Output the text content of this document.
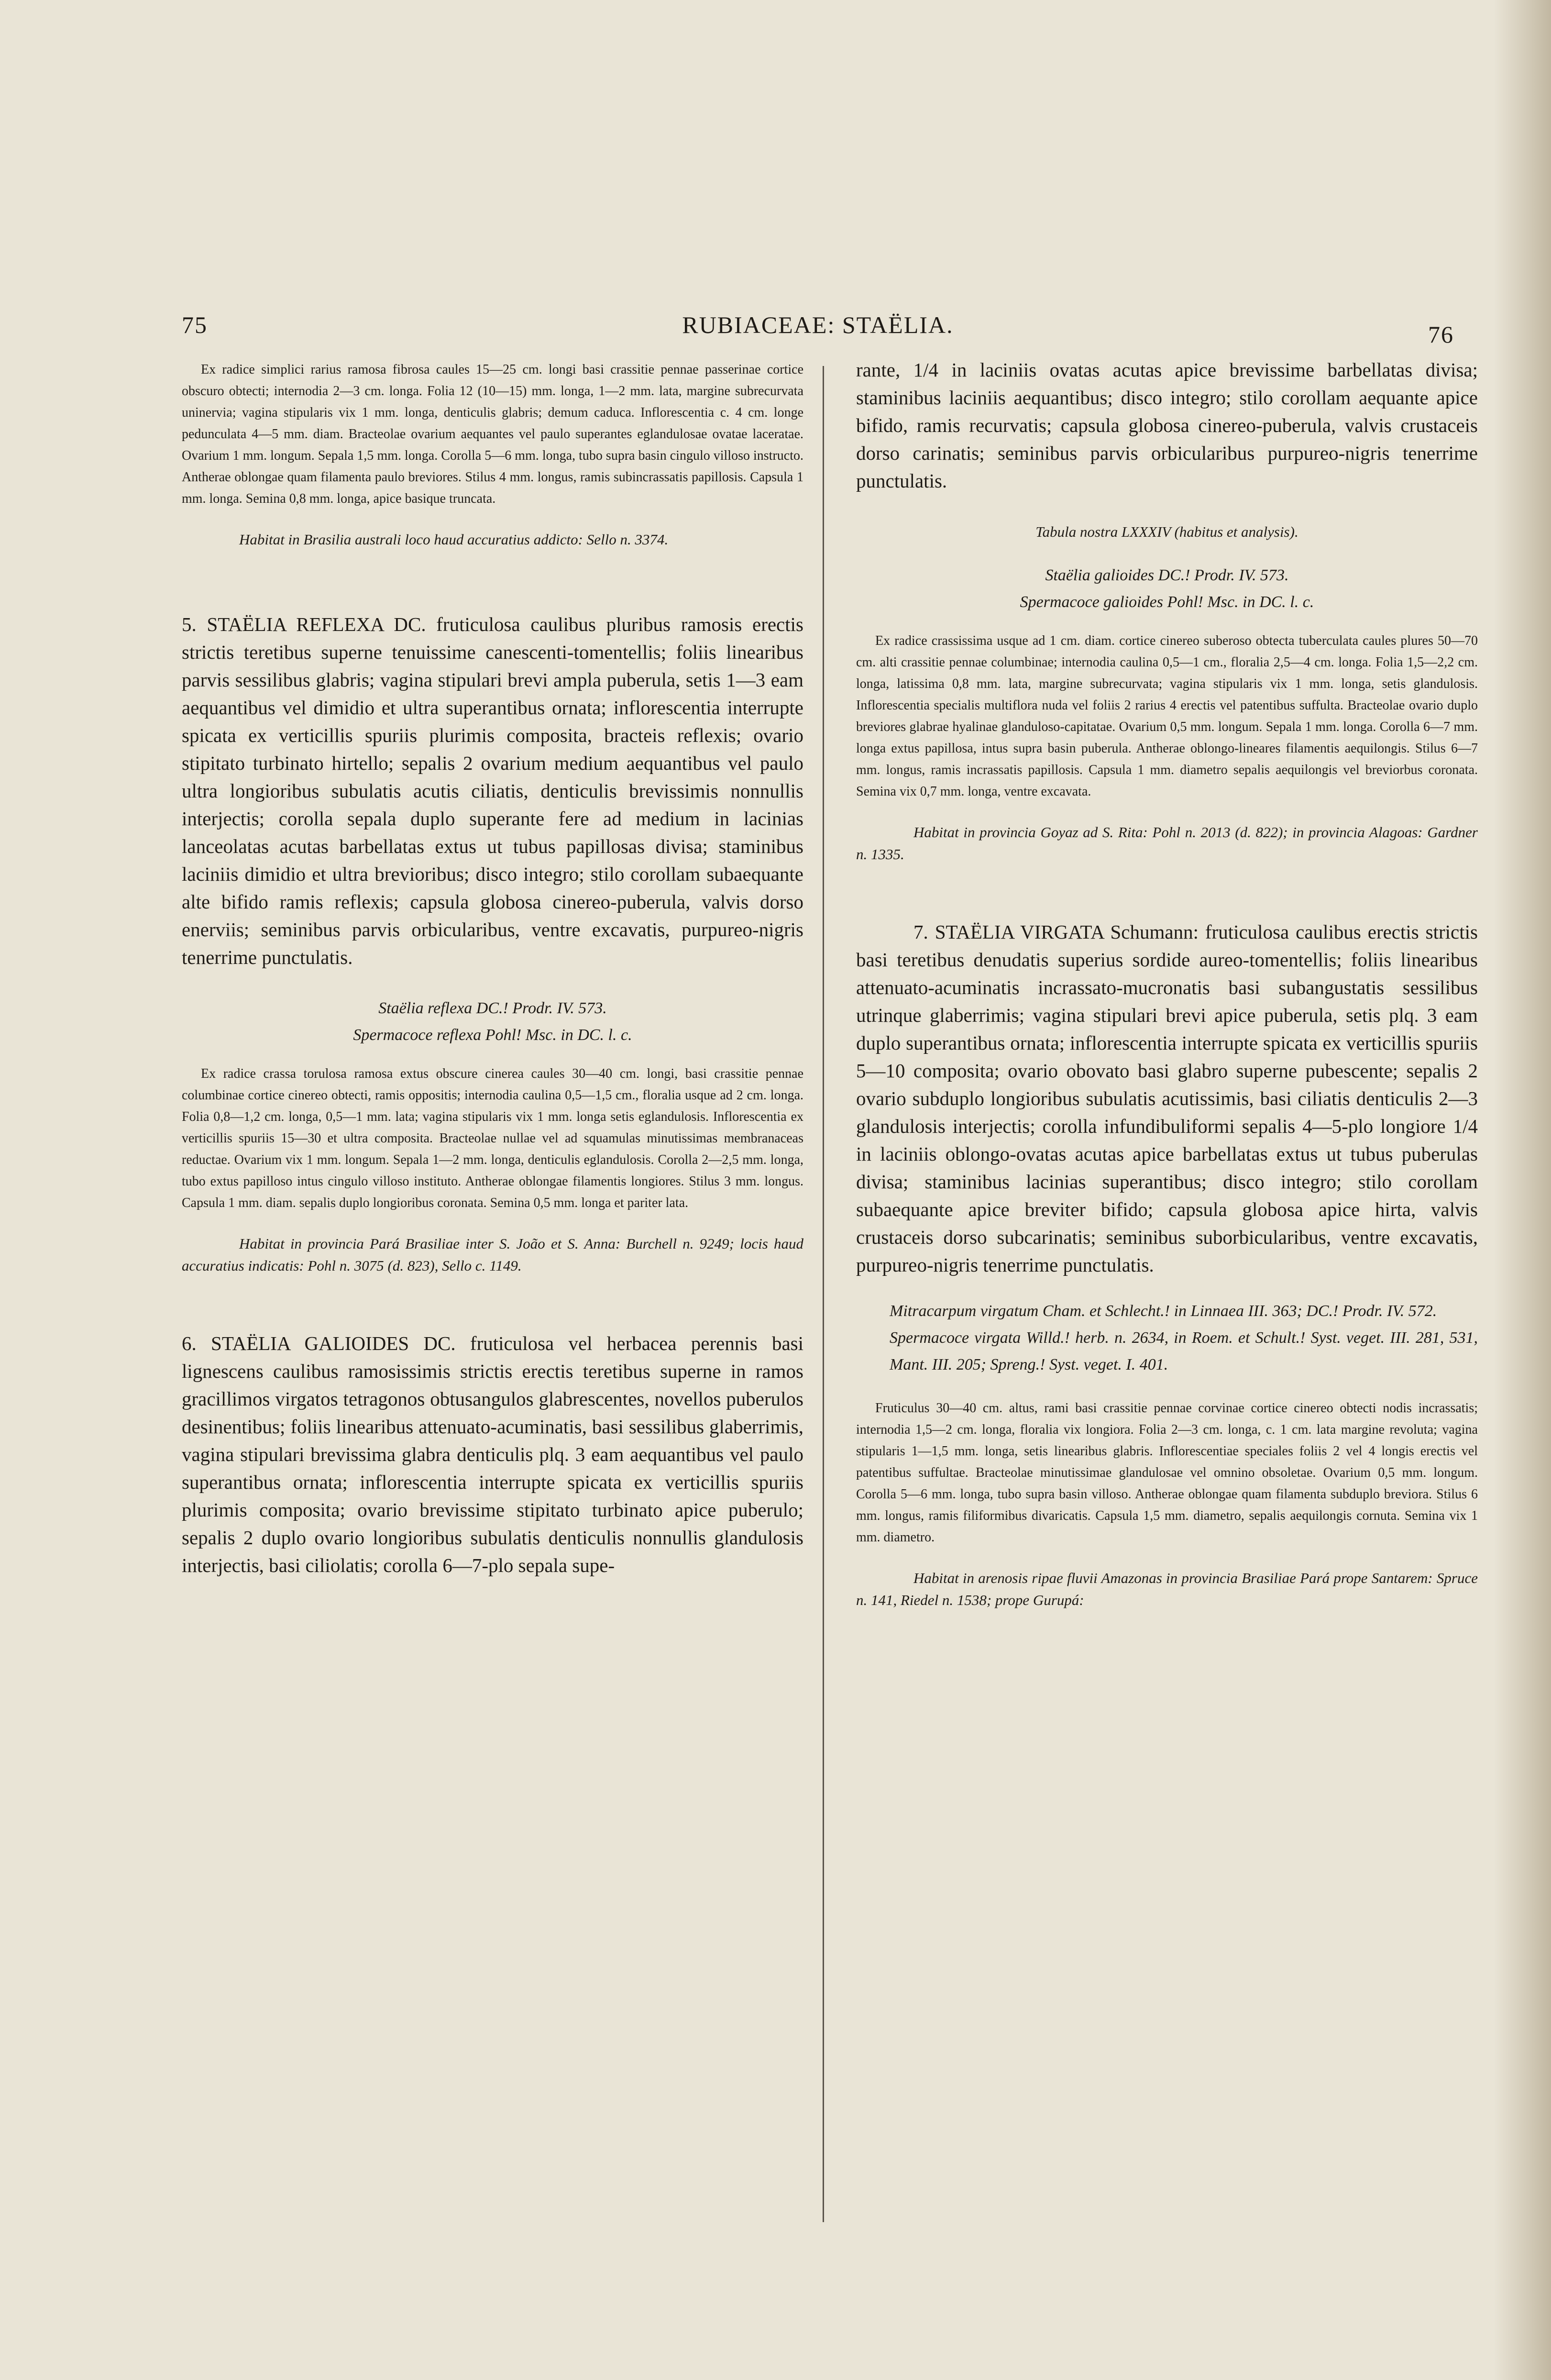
75	RUBIACEAE: STAËLIA.	76

Ex radice simplici rarius ramosa fibrosa caules 15—25 cm. longi basi crassitie pennae passerinae cortice obscuro obtecti; internodia 2—3 cm. longa. Folia 12 (10—15) mm. longa, 1—2 mm. lata, margine subrecurvata uninervia; vagina stipularis vix 1 mm. longa, denticulis glabris; demum caduca. Inflorescentia c. 4 cm. longe pedunculata 4—5 mm. diam. Bracteolae ovarium aequantes vel paulo superantes eglandulosae ovatae laceratae. Ovarium 1 mm. longum. Sepala 1,5 mm. longa. Corolla 5—6 mm. longa, tubo supra basin cingulo villoso instructo. Antherae oblongae quam filamenta paulo breviores. Stilus 4 mm. longus, ramis subincrassatis papillosis. Capsula 1 mm. longa. Semina 0,8 mm. longa, apice basique truncata.

Habitat in Brasilia australi loco haud accuratius addicto: Sello n. 3374.

5. STAËLIA REFLEXA DC. fruticulosa caulibus pluribus ramosis erectis strictis teretibus superne tenuissime canescenti-tomentellis; foliis linearibus parvis sessilibus glabris; vagina stipulari brevi ampla puberula, setis 1—3 eam aequantibus vel dimidio et ultra superantibus ornata; inflorescentia interrupte spicata ex verticillis spuriis plurimis composita, bracteis reflexis; ovario stipitato turbinato hirtello; sepalis 2 ovarium medium aequantibus vel paulo ultra longioribus subulatis acutis ciliatis, denticulis brevissimis nonnullis interjectis; corolla sepala duplo superante fere ad medium in lacinias lanceolatas acutas barbellatas extus ut tubus papillosas divisa; staminibus laciniis dimidio et ultra brevioribus; disco integro; stilo corollam subaequante alte bifido ramis reflexis; capsula globosa cinereo-puberula, valvis dorso enerviis; seminibus parvis orbicularibus, ventre excavatis, purpureo-nigris tenerrime punctulatis.

Staëlia reflexa DC.! Prodr. IV. 573.

Spermacoce reflexa Pohl! Msc. in DC. l. c.

Ex radice crassa torulosa ramosa extus obscure cinerea caules 30—40 cm. longi, basi crassitie pennae columbinae cortice cinereo obtecti, ramis oppositis; internodia caulina 0,5—1,5 cm., floralia usque ad 2 cm. longa. Folia 0,8—1,2 cm. longa, 0,5—1 mm. lata; vagina stipularis vix 1 mm. longa setis eglandulosis. Inflorescentia ex verticillis spuriis 15—30 et ultra composita. Bracteolae nullae vel ad squamulas minutissimas membranaceas reductae. Ovarium vix 1 mm. longum. Sepala 1—2 mm. longa, denticulis eglandulosis. Corolla 2—2,5 mm. longa, tubo extus papilloso intus cingulo villoso instituto. Antherae oblongae filamentis longiores. Stilus 3 mm. longus. Capsula 1 mm. diam. sepalis duplo longioribus coronata. Semina 0,5 mm. longa et pariter lata.

Habitat in provincia Pará Brasiliae inter S. João et S. Anna: Burchell n. 9249; locis haud accuratius indicatis: Pohl n. 3075 (d. 823), Sello c. 1149.

6. STAËLIA GALIOIDES DC. fruticulosa vel herbacea perennis basi lignescens caulibus ramosissimis strictis erectis teretibus superne in ramos gracillimos virgatos tetragonos obtusangulos glabrescentes, novellos puberulos desinentibus; foliis linearibus attenuato-acuminatis, basi sessilibus glaberrimis, vagina stipulari brevissima glabra denticulis plq. 3 eam aequantibus vel paulo superantibus ornata; inflorescentia interrupte spicata ex verticillis spuriis plurimis composita; ovario brevissime stipitato turbinato apice puberulo; sepalis 2 duplo ovario longioribus subulatis denticulis nonnullis glandulosis interjectis, basi ciliolatis; corolla 6—7-plo sepala supe-

rante, 1/4 in laciniis ovatas acutas apice brevissime barbellatas divisa; staminibus laciniis aequantibus; disco integro; stilo corollam aequante apice bifido, ramis recurvatis; capsula globosa cinereo-puberula, valvis crustaceis dorso carinatis; seminibus parvis orbicularibus purpureo-nigris tenerrime punctulatis.

Tabula nostra LXXXIV (habitus et analysis).

Staëlia galioides DC.! Prodr. IV. 573.

Spermacoce galioides Pohl! Msc. in DC. l. c.

Ex radice crassissima usque ad 1 cm. diam. cortice cinereo suberoso obtecta tuberculata caules plures 50—70 cm. alti crassitie pennae columbinae; internodia caulina 0,5—1 cm., floralia 2,5—4 cm. longa. Folia 1,5—2,2 cm. longa, latissima 0,8 mm. lata, margine subrecurvata; vagina stipularis vix 1 mm. longa, setis glandulosis. Inflorescentia specialis multiflora nuda vel foliis 2 rarius 4 erectis vel patentibus suffulta. Bracteolae ovario duplo breviores glabrae hyalinae glanduloso-capitatae. Ovarium 0,5 mm. longum. Sepala 1 mm. longa. Corolla 6—7 mm. longa extus papillosa, intus supra basin puberula. Antherae oblongo-lineares filamentis aequilongis. Stilus 6—7 mm. longus, ramis incrassatis papillosis. Capsula 1 mm. diametro sepalis aequilongis vel breviorbus coronata. Semina vix 0,7 mm. longa, ventre excavata.

Habitat in provincia Goyaz ad S. Rita: Pohl n. 2013 (d. 822); in provincia Alagoas: Gardner n. 1335.

7. STAËLIA VIRGATA Schumann: fruticulosa caulibus erectis strictis basi teretibus denudatis superius sordide aureo-tomentellis; foliis linearibus attenuato-acuminatis incrassato-mucronatis basi subangustatis sessilibus utrinque glaberrimis; vagina stipulari brevi apice puberula, setis plq. 3 eam duplo superantibus ornata; inflorescentia interrupte spicata ex verticillis spuriis 5—10 composita; ovario obovato basi glabro superne pubescente; sepalis 2 ovario subduplo longioribus subulatis acutissimis, basi ciliatis denticulis 2—3 glandulosis interjectis; corolla infundibuliformi sepalis 4—5-plo longiore 1/4 in laciniis oblongo-ovatas acutas apice barbellatas extus ut tubus puberulas divisa; staminibus lacinias superantibus; disco integro; stilo corollam subaequante apice breviter bifido; capsula globosa apice hirta, valvis crustaceis dorso subcarinatis; seminibus suborbicularibus, ventre excavatis, purpureo-nigris tenerrime punctulatis.

Mitracarpum virgatum Cham. et Schlecht.! in Linnaea III. 363; DC.! Prodr. IV. 572.

Spermacoce virgata Willd.! herb. n. 2634, in Roem. et Schult.! Syst. veget. III. 281, 531, Mant. III. 205; Spreng.! Syst. veget. I. 401.

Fruticulus 30—40 cm. altus, rami basi crassitie pennae corvinae cortice cinereo obtecti nodis incrassatis; internodia 1,5—2 cm. longa, floralia vix longiora. Folia 2—3 cm. longa, c. 1 cm. lata margine revoluta; vagina stipularis 1—1,5 mm. longa, setis linearibus glabris. Inflorescentiae speciales foliis 2 vel 4 longis erectis vel patentibus suffultae. Bracteolae minutissimae glandulosae vel omnino obsoletae. Ovarium 0,5 mm. longum. Corolla 5—6 mm. longa, tubo supra basin villoso. Antherae oblongae quam filamenta subduplo breviora. Stilus 6 mm. longus, ramis filiformibus divaricatis. Capsula 1,5 mm. diametro, sepalis aequilongis cornuta. Semina vix 1 mm. diametro.

Habitat in arenosis ripae fluvii Amazonas in provincia Brasiliae Pará prope Santarem: Spruce n. 141, Riedel n. 1538; prope Gurupá:
